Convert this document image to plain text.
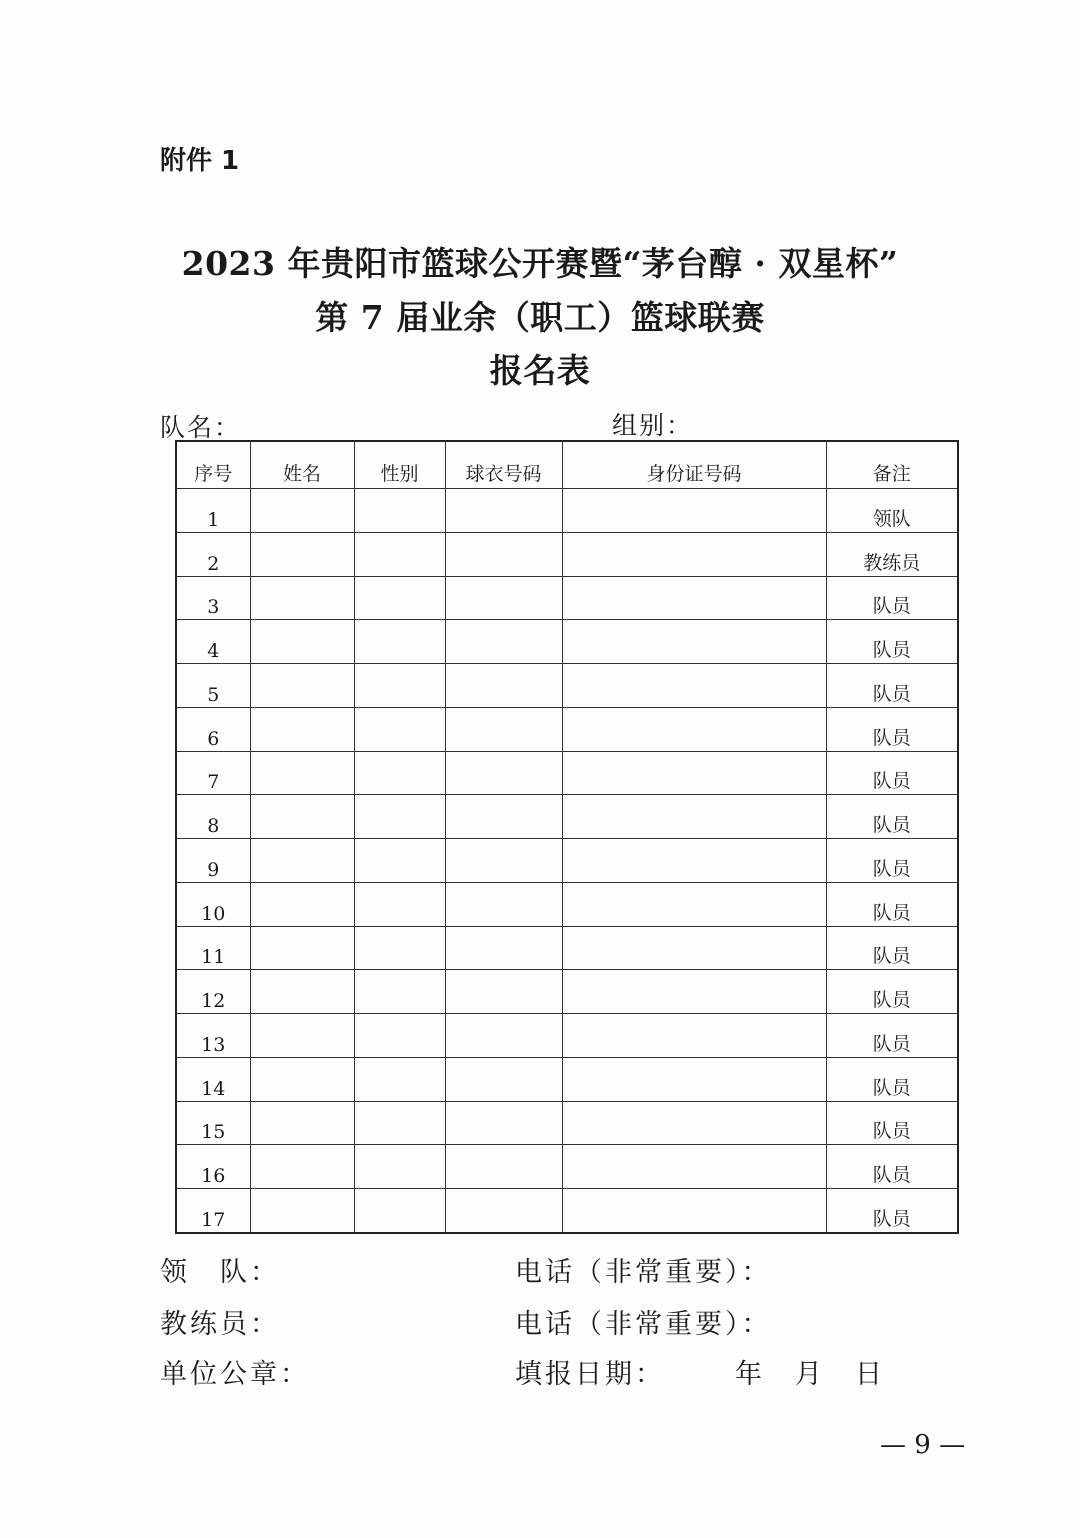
附件 1
2023 年贵阳市篮球公开赛暨“茅台醇 · 双星杯”
第 7 届业余（职工）篮球联赛
报名表
队名：	组别：
序号	姓名	性别	球衣号码	身份证号码	备注
1					领队
2					教练员
3					队员
4					队员
5					队员
6					队员
7					队员
8					队员
9					队员
10					队员
11					队员
12					队员
13					队员
14					队员
15					队员
16					队员
17					队员
领　队：	电话（非常重要）：
教练员：	电话（非常重要）：
单位公章：	填报日期：	年 月 日
— 9 —
